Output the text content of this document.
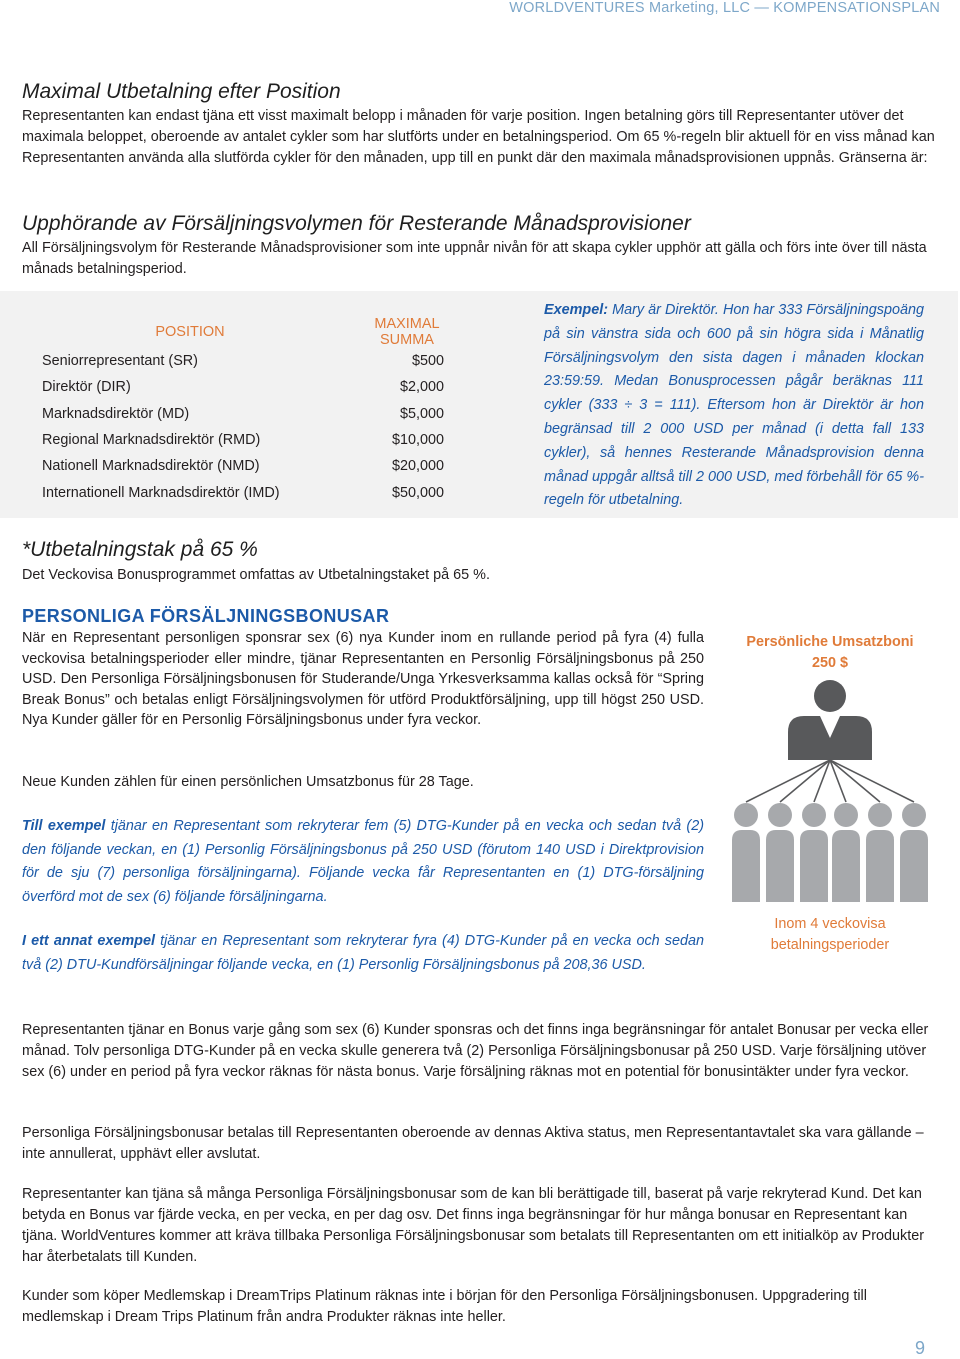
WORLDVENTURES Marketing, LLC — KOMPENSATIONSPLAN
Maximal Utbetalning efter Position

Representanten kan endast tjäna ett visst maximalt belopp i månaden för varje position. Ingen betalning görs till Representanter utöver det maximala beloppet, oberoende av antalet cykler som har slutförts under en betalningsperiod. Om 65 %-regeln blir aktuell för en viss månad kan Representanten använda alla slutförda cykler för den månaden, upp till en punkt där den maximala månadsprovisionen uppnås. Gränserna är:

Upphörande av Försäljningsvolymen för Resterande Månadsprovisioner

All Försäljningsvolym för Resterande Månadsprovisioner som inte uppnår nivån för att skapa cykler upphör att gälla och förs inte över till nästa månads betalningsperiod.

POSITION	MAXIMAL SUMMA
Seniorrepresentant (SR)	$500
Direktör (DIR)	$2,000
Marknadsdirektör (MD)	$5,000
Regional Marknadsdirektör (RMD)	$10,000
Nationell Marknadsdirektör (NMD)	$20,000
Internationell Marknadsdirektör (IMD)	$50,000
Exempel: Mary är Direktör. Hon har 333 Försäljningspoäng på sin vänstra sida och 600 på sin högra sida i Månatlig Försäljningsvolym den sista dagen i månaden klockan 23:59:59. Medan Bonusprocessen pågår beräknas 111 cykler (333 ÷ 3 = 111). Eftersom hon är Direktör är hon begränsad till 2 000 USD per månad (i detta fall 133 cykler), så hennes Resterande Månadsprovision denna månad uppgår alltså till 2 000 USD, med förbehåll för 65 %-regeln för utbetalning.
*Utbetalningstak på 65 %

Det Veckovisa Bonusprogrammet omfattas av Utbetalningstaket på 65 %.

PERSONLIGA FÖRSÄLJNINGSBONUSAR

När en Representant personligen sponsrar sex (6) nya Kunder inom en rullande period på fyra (4) fulla veckovisa betalningsperioder eller mindre, tjänar Representanten en Personlig Försäljningsbonus på 250 USD. Den Personliga Försäljningsbonusen för Studerande/Unga Yrkesverksamma kallas också för “Spring Break Bonus” och betalas enligt Försäljningsvolymen för utförd Produktförsäljning, upp till högst 250 USD. Nya Kunder gäller för en Personlig Försäljningsbonus under fyra veckor.

Neue Kunden zählen für einen persönlichen Umsatzbonus für 28 Tage.

Till exempel tjänar en Representant som rekryterar fem (5) DTG-Kunder på en vecka och sedan två (2) den följande veckan, en (1) Personlig Försäljningsbonus på 250 USD (förutom 140 USD i Direktprovision för de sju (7) personliga försäljningarna). Följande vecka får Representanten en (1) DTG-försäljning överförd mot de sex (6) följande försäljningarna.

I ett annat exempel tjänar en Representant som rekryterar fyra (4) DTG-Kunder på en vecka och sedan två (2) DTU-Kundförsäljningar följande vecka, en (1) Personlig Försäljningsbonus på 208,36 USD.

Persönliche Umsatzboni
250 $
Inom 4 veckovisa
betalningsperioder

Representanten tjänar en Bonus varje gång som sex (6) Kunder sponsras och det finns inga begränsningar för antalet Bonusar per vecka eller månad. Tolv personliga DTG-Kunder på en vecka skulle generera två (2) Personliga Försäljningsbonusar på 250 USD. Varje försäljning utöver sex (6) under en period på fyra veckor räknas för nästa bonus. Varje försäljning räknas mot en potential för bonusintäkter under fyra veckor.

Personliga Försäljningsbonusar betalas till Representanten oberoende av dennas Aktiva status, men Representantavtalet ska vara gällande – inte annullerat, upphävt eller avslutat.

Representanter kan tjäna så många Personliga Försäljningsbonusar som de kan bli berättigade till, baserat på varje rekryterad Kund. Det kan betyda en Bonus var fjärde vecka, en per vecka, en per dag osv. Det finns inga begränsningar för hur många bonusar en Representant kan tjäna. WorldVentures kommer att kräva tillbaka Personliga Försäljningsbonusar som betalats till Representanten om ett initialköp av Produkter har återbetalats till Kunden.

Kunder som köper Medlemskap i DreamTrips Platinum räknas inte i början för den Personliga Försäljningsbonusen. Uppgradering till medlemskap i Dream Trips Platinum från andra Produkter räknas inte heller.

9
